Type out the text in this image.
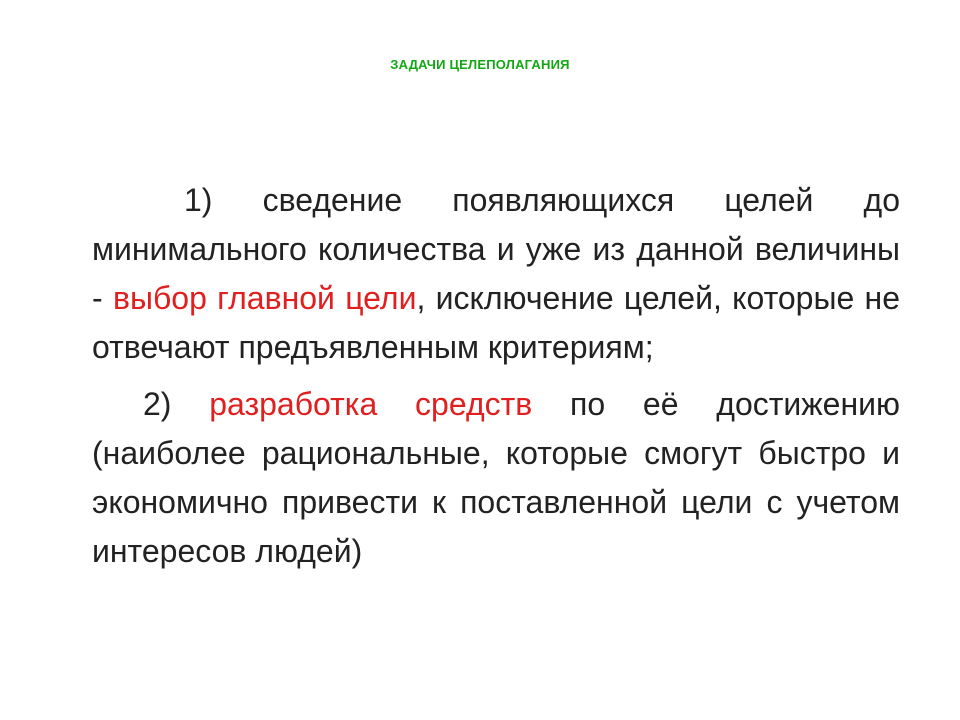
ЗАДАЧИ ЦЕЛЕПОЛАГАНИЯ

1) сведение появляющихся целей до минимального количества и уже из данной величины - выбор главной цели, исключение целей, которые не отвечают предъявленным критериям;

2) разработка средств по её достижению (наиболее рациональные, которые смогут быстро и экономично привести к поставленной цели с учетом интересов людей)
